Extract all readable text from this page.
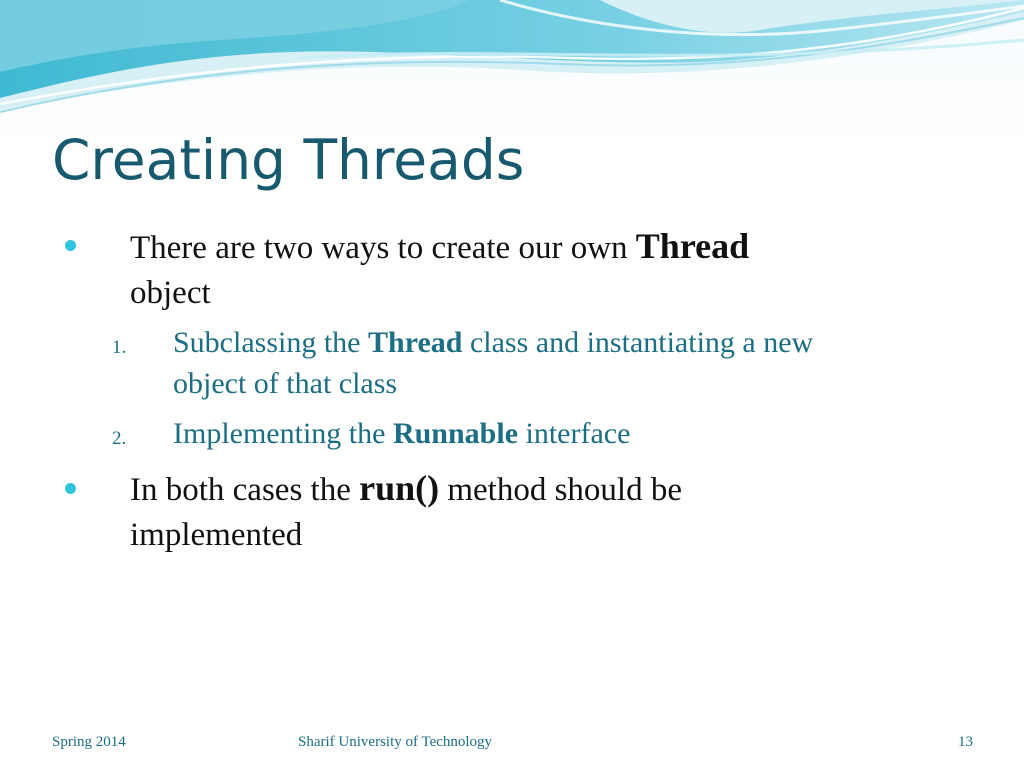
Creating Threads
There are two ways to create our own Thread
object
1. Subclassing the Thread class and instantiating a new
object of that class
2. Implementing the Runnable interface
In both cases the run() method should be
implemented
Spring 2014	Sharif University of Technology	13
